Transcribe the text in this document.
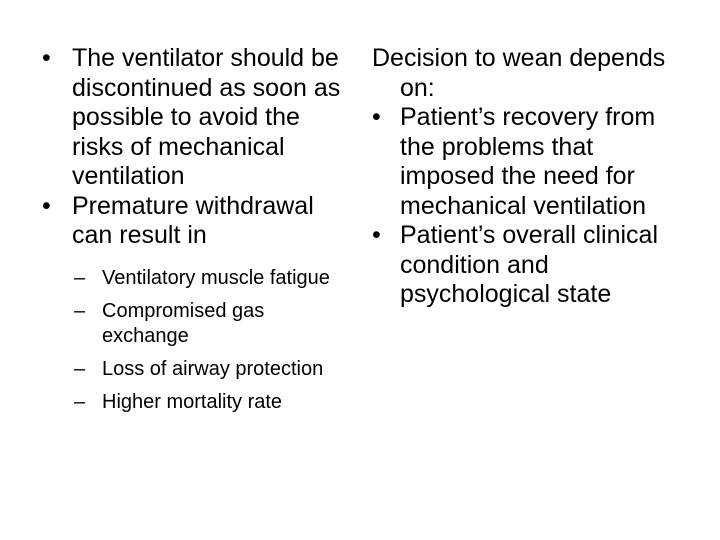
• The ventilator should be discontinued as soon as possible to avoid the risks of mechanical ventilation
• Premature withdrawal can result in
– Ventilatory muscle fatigue
– Compromised gas exchange
– Loss of airway protection
– Higher mortality rate
Decision to wean depends on:
• Patient’s recovery from the problems that imposed the need for mechanical ventilation
• Patient’s overall clinical condition and psychological state
